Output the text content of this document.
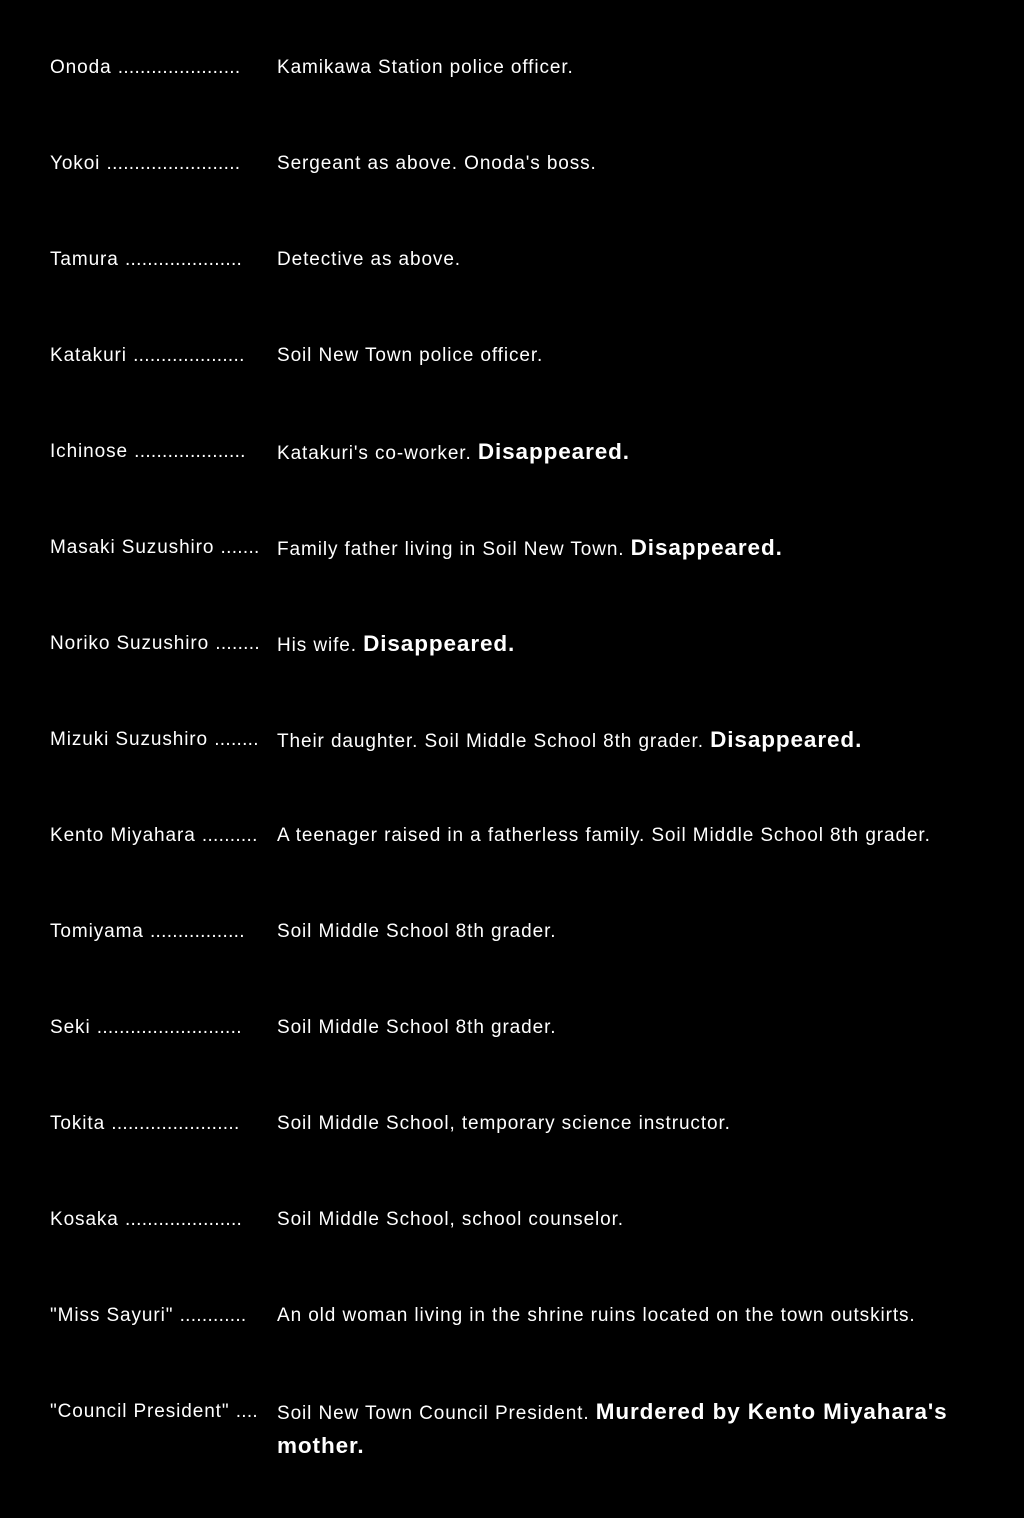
Onoda ......................	Kamikawa Station police officer.
Yokoi ........................	Sergeant as above. Onoda's boss.
Tamura .....................	Detective as above.
Katakuri ....................	Soil New Town police officer.
Ichinose ....................	Katakuri's co-worker. Disappeared.
Masaki Suzushiro ....... Family father living in Soil New Town. Disappeared.
Noriko Suzushiro ........ His wife. Disappeared.
Mizuki Suzushiro ........ Their daughter. Soil Middle School 8th grader. Disappeared.
Kento Miyahara ..........	A teenager raised in a fatherless family. Soil Middle School 8th grader.
Tomiyama .................	Soil Middle School 8th grader.
Seki ..........................	Soil Middle School 8th grader.
Tokita .......................	Soil Middle School, temporary science instructor.
Kosaka .....................	Soil Middle School, school counselor.
"Miss Sayuri" ............	An old woman living in the shrine ruins located on the town outskirts.
"Council President" .... Soil New Town Council President. Murdered by Kento Miyahara's mother.
